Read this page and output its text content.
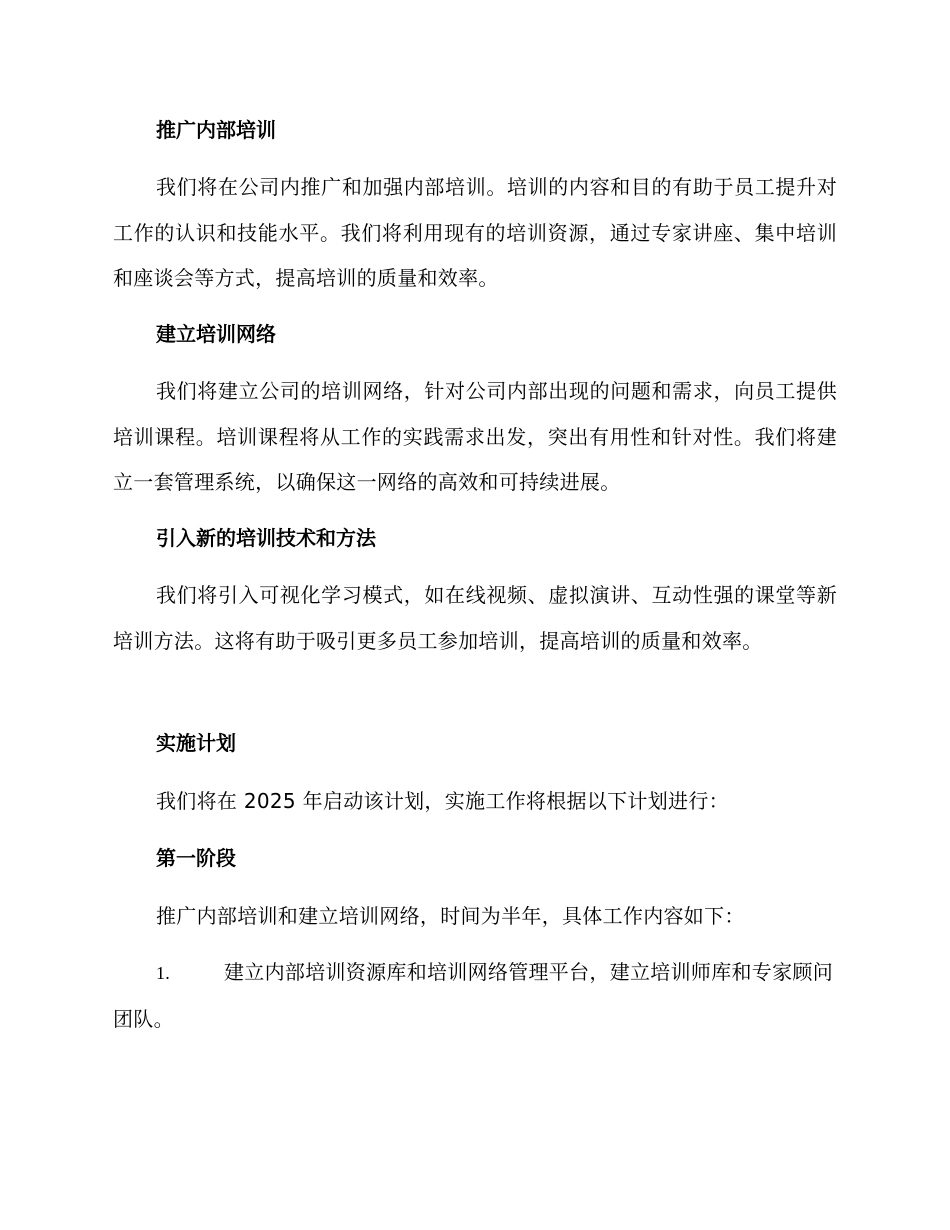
推广内部培训

我们将在公司内推广和加强内部培训。培训的内容和目的有助于员工提升对工作的认识和技能水平。我们将利用现有的培训资源，通过专家讲座、集中培训和座谈会等方式，提高培训的质量和效率。

建立培训网络

我们将建立公司的培训网络，针对公司内部出现的问题和需求，向员工提供培训课程。培训课程将从工作的实践需求出发，突出有用性和针对性。我们将建立一套管理系统，以确保这一网络的高效和可持续进展。

引入新的培训技术和方法

我们将引入可视化学习模式，如在线视频、虚拟演讲、互动性强的课堂等新培训方法。这将有助于吸引更多员工参加培训，提高培训的质量和效率。

实施计划

我们将在 2025 年启动该计划，实施工作将根据以下计划进行：

第一阶段

推广内部培训和建立培训网络，时间为半年，具体工作内容如下：

1.	建立内部培训资源库和培训网络管理平台，建立培训师库和专家顾问团队。
